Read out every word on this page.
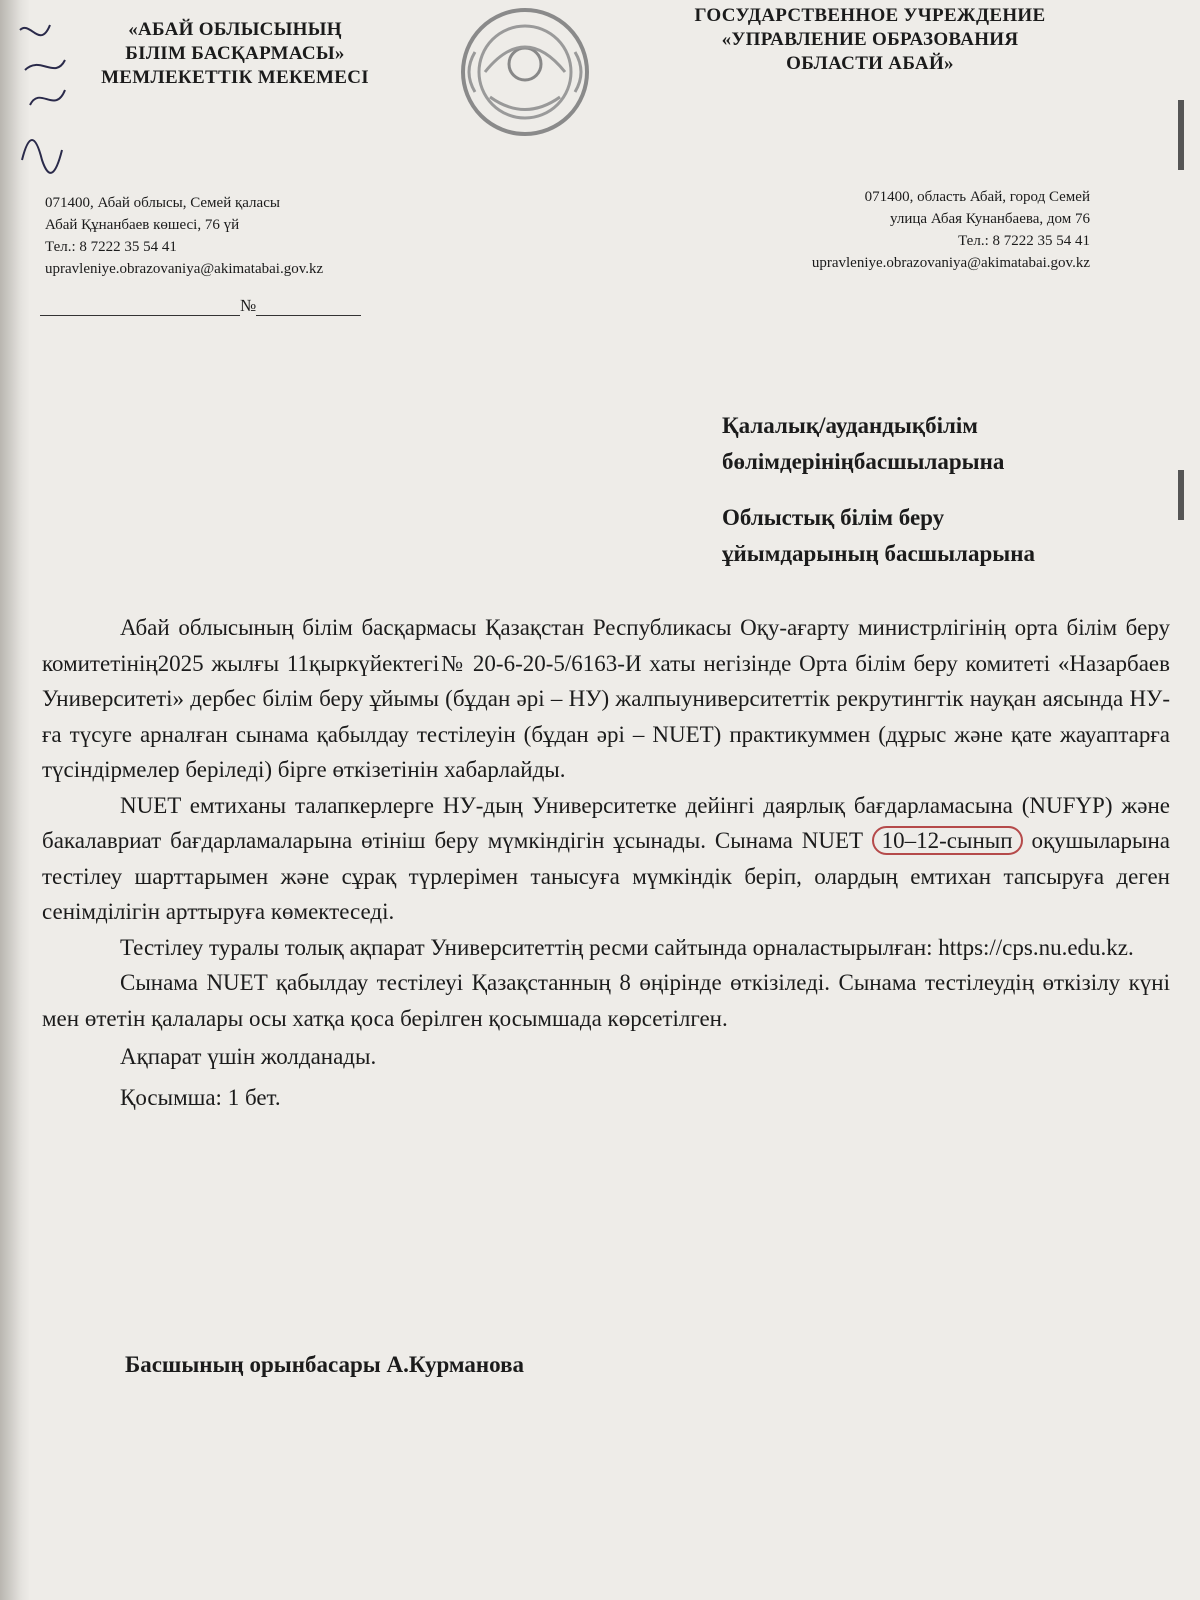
«АБАЙ ОБЛЫСЫНЫҢ
БІЛІМ БАСҚАРМАСЫ»
МЕМЛЕКЕТТІК МЕКЕМЕСІ
ГОСУДАРСТВЕННОЕ УЧРЕЖДЕНИЕ
«УПРАВЛЕНИЕ ОБРАЗОВАНИЯ
ОБЛАСТИ АБАЙ»
071400, Абай облысы, Семей қаласы
Абай Құнанбаев көшесі, 76 үй
Тел.: 8 7222 35 54 41
upravleniye.obrazovaniya@akimatabai.gov.kz
071400, область Абай, город Семей
улица Абая Кунанбаева, дом 76
Тел.: 8 7222 35 54 41
upravleniye.obrazovaniya@akimatabai.gov.kz
№
Қалалық/аудандықбілім
бөлімдерініңбасшыларына
Облыстық білім беру
ұйымдарының басшыларына

Абай облысының білім басқармасы Қазақстан Республикасы Оқу-ағарту министрлігінің орта білім беру комитетінің2025 жылғы 11қыркүйектегі№ 20-6-20-5/6163-И хаты негізінде Орта білім беру комитеті «Назарбаев Университеті» дербес білім беру ұйымы (бұдан әрі – НУ) жалпыуниверситеттік рекрутингтік науқан аясында НУ-ға түсуге арналған сынама қабылдау тестілеуін (бұдан әрі – NUET) практикуммен (дұрыс және қате жауаптарға түсіндірмелер беріледі) бірге өткізетінін хабарлайды.

NUET емтиханы талапкерлерге НУ-дың Университетке дейінгі даярлық бағдарламасына (NUFYP) және бакалавриат бағдарламаларына өтініш беру мүмкіндігін ұсынады. Сынама NUET 10–12-сынып оқушыларына тестілеу шарттарымен және сұрақ түрлерімен танысуға мүмкіндік беріп, олардың емтихан тапсыруға деген сенімділігін арттыруға көмектеседі.

Тестілеу туралы толық ақпарат Университеттің ресми сайтында орналастырылған: https://cps.nu.edu.kz.

Сынама NUET қабылдау тестілеуі Қазақстанның 8 өңірінде өткізіледі. Сынама тестілеудің өткізілу күні мен өтетін қалалары осы хатқа қоса берілген қосымшада көрсетілген.

Ақпарат үшін жолданады.
Қосымша: 1 бет.
Басшының орынбасары А.Курманова
